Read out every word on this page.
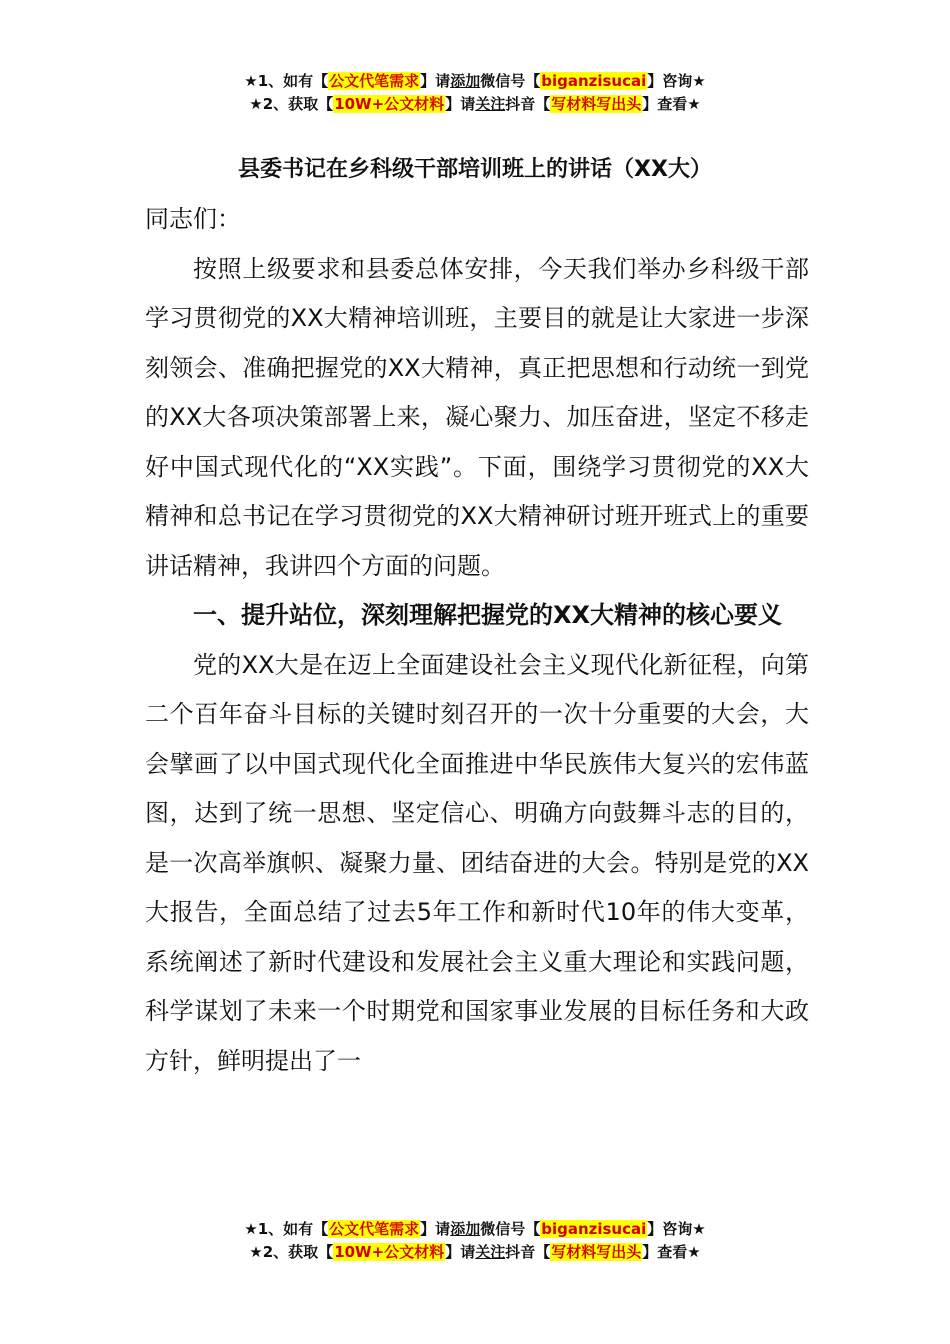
★1、如有【公文代笔需求】请添加微信号【biganzisucai】咨询★
★2、获取【10W+公文材料】请关注抖音【写材料写出头】查看★
县委书记在乡科级干部培训班上的讲话（XX大）

同志们：

按照上级要求和县委总体安排，今天我们举办乡科级干部学习贯彻党的XX大精神培训班，主要目的就是让大家进一步深刻领会、准确把握党的XX大精神，真正把思想和行动统一到党的XX大各项决策部署上来，凝心聚力、加压奋进，坚定不移走好中国式现代化的“XX实践”。下面，围绕学习贯彻党的XX大精神和总书记在学习贯彻党的XX大精神研讨班开班式上的重要讲话精神，我讲四个方面的问题。

一、提升站位，深刻理解把握党的XX大精神的核心要义

党的XX大是在迈上全面建设社会主义现代化新征程，向第二个百年奋斗目标的关键时刻召开的一次十分重要的大会，大会擘画了以中国式现代化全面推进中华民族伟大复兴的宏伟蓝图，达到了统一思想、坚定信心、明确方向鼓舞斗志的目的，是一次高举旗帜、凝聚力量、团结奋进的大会。特别是党的XX大报告，全面总结了过去5年工作和新时代10年的伟大变革，系统阐述了新时代建设和发展社会主义重大理论和实践问题，科学谋划了未来一个时期党和国家事业发展的目标任务和大政方针，鲜明提出了一

★1、如有【公文代笔需求】请添加微信号【biganzisucai】咨询★
★2、获取【10W+公文材料】请关注抖音【写材料写出头】查看★
